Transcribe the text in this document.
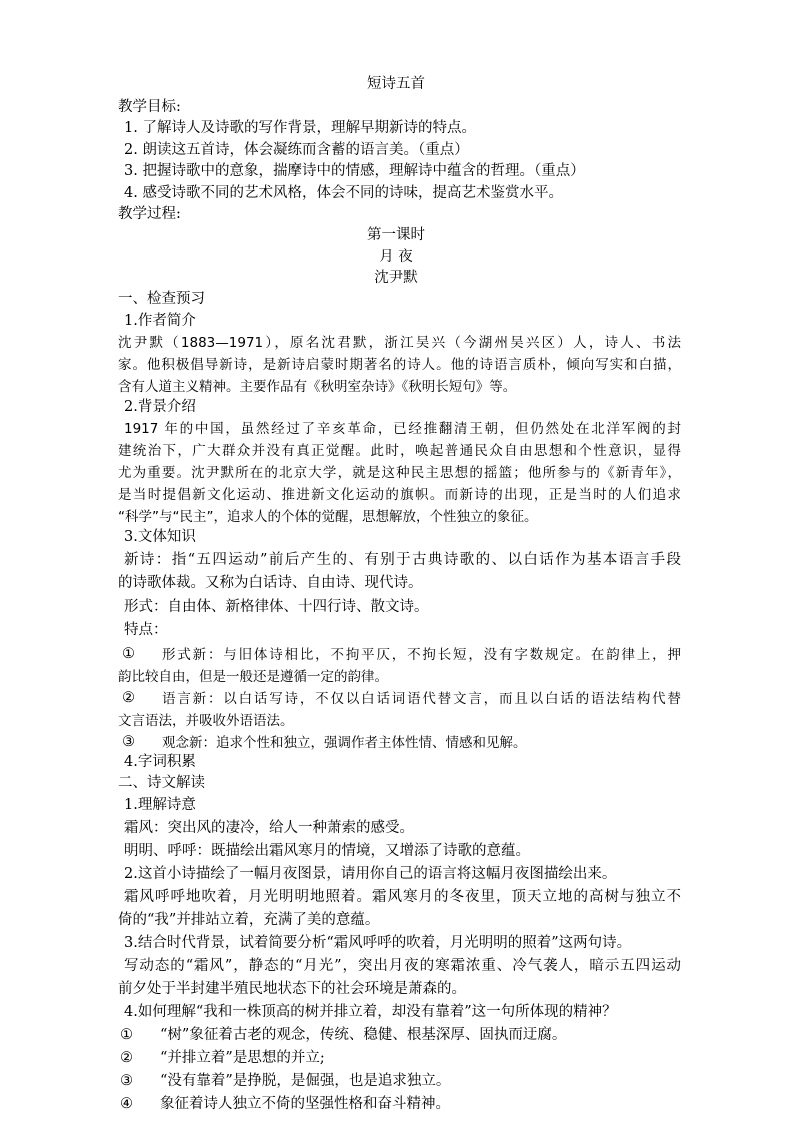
短诗五首
教学目标:
1. 了解诗人及诗歌的写作背景，理解早期新诗的特点。
2. 朗读这五首诗，体会凝练而含蓄的语言美。（重点）
3. 把握诗歌中的意象，揣摩诗中的情感，理解诗中蕴含的哲理。（重点）
4. 感受诗歌不同的艺术风格，体会不同的诗味，提高艺术鉴赏水平。
教学过程:
第一课时
月 夜
沈尹默
一、检查预习
1.作者简介
沈尹默（1883—1971），原名沈君默，浙江吴兴（今湖州吴兴区）人，诗人、书法
家。他积极倡导新诗，是新诗启蒙时期著名的诗人。他的诗语言质朴，倾向写实和白描，
含有人道主义精神。主要作品有《秋明室杂诗》《秋明长短句》等。
2.背景介绍
1917 年的中国，虽然经过了辛亥革命，已经推翻清王朝，但仍然处在北洋军阀的封
建统治下，广大群众并没有真正觉醒。此时，唤起普通民众自由思想和个性意识，显得
尤为重要。沈尹默所在的北京大学，就是这种民主思想的摇篮；他所参与的《新青年》，
是当时提倡新文化运动、推进新文化运动的旗帜。而新诗的出现，正是当时的人们追求
“科学”与“民主”，追求人的个体的觉醒，思想解放，个性独立的象征。
3.文体知识
新诗：指“五四运动”前后产生的、有别于古典诗歌的、以白话作为基本语言手段
的诗歌体裁。又称为白话诗、自由诗、现代诗。
形式：自由体、新格律体、十四行诗、散文诗。
特点：
① 形式新：与旧体诗相比，不拘平仄，不拘长短，没有字数规定。在韵律上，押
韵比较自由，但是一般还是遵循一定的韵律。
② 语言新：以白话写诗，不仅以白话词语代替文言，而且以白话的语法结构代替
文言语法，并吸收外语语法。
③ 观念新：追求个性和独立，强调作者主体性情、情感和见解。
4.字词积累
二、诗文解读
1.理解诗意
霜风：突出风的凄冷，给人一种萧索的感受。
明明、呼呼：既描绘出霜风寒月的情境，又增添了诗歌的意蕴。
2.这首小诗描绘了一幅月夜图景，请用你自己的语言将这幅月夜图描绘出来。
霜风呼呼地吹着，月光明明地照着。霜风寒月的冬夜里，顶天立地的高树与独立不
倚的“我”并排站立着，充满了美的意蕴。
3.结合时代背景，试着简要分析“霜风呼呼的吹着，月光明明的照着”这两句诗。
写动态的“霜风”，静态的“月光”，突出月夜的寒霜浓重、冷气袭人，暗示五四运动
前夕处于半封建半殖民地状态下的社会环境是萧森的。
4.如何理解“我和一株顶高的树并排立着，却没有靠着”这一句所体现的精神？
① “树”象征着古老的观念，传统、稳健、根基深厚、固执而迂腐。
② “并排立着”是思想的并立;
③ “没有靠着”是挣脱，是倔强，也是追求独立。
④ 象征着诗人独立不倚的坚强性格和奋斗精神。
